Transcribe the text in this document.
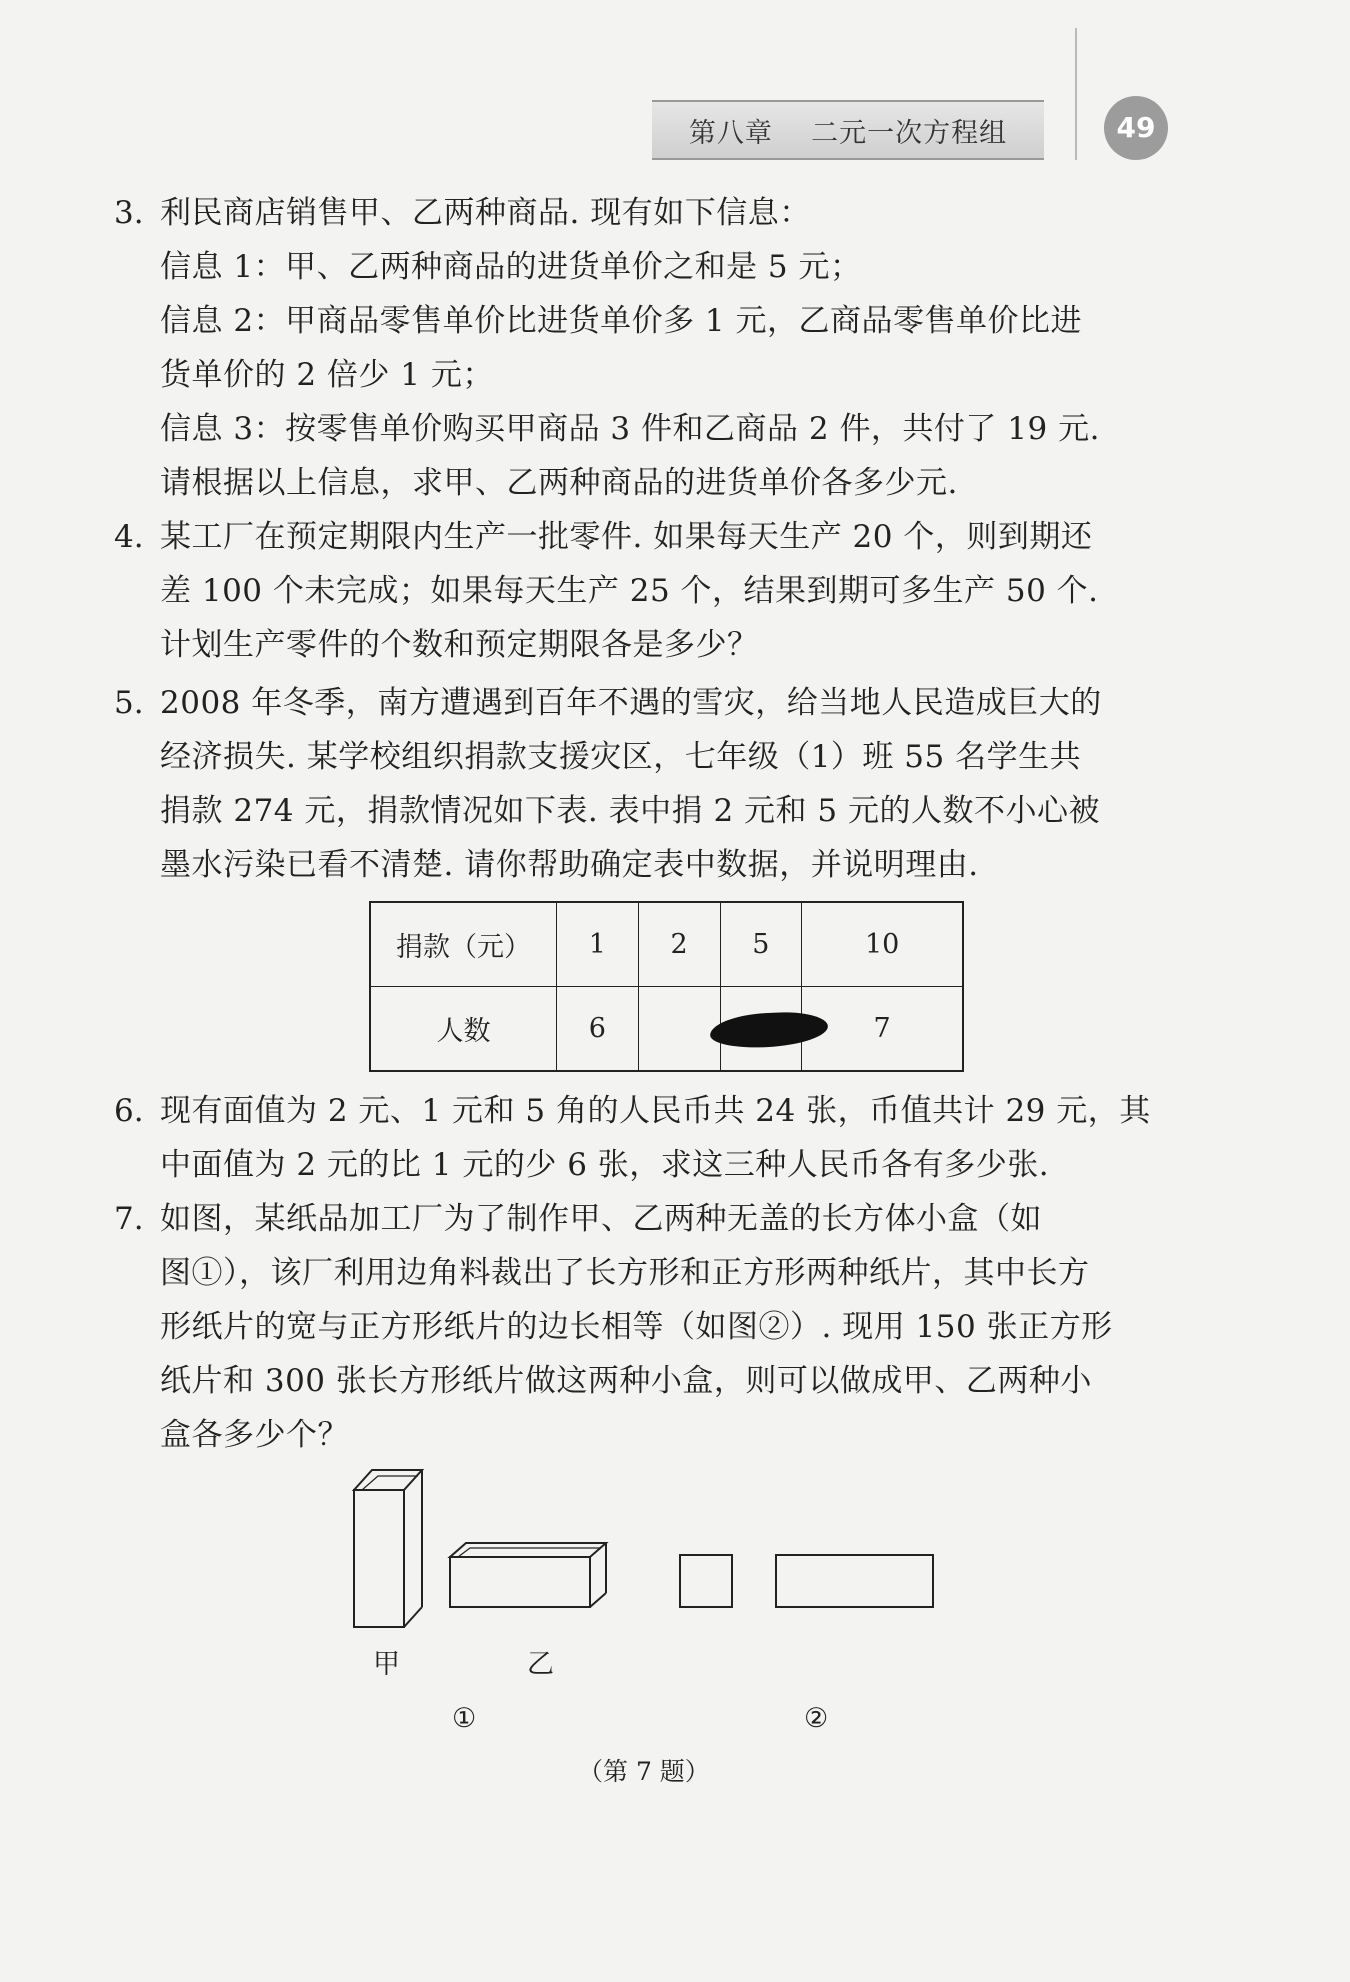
第八章    二元一次方程组	49
3. 利民商店销售甲、乙两种商品. 现有如下信息：
信息 1：甲、乙两种商品的进货单价之和是 5 元；
信息 2：甲商品零售单价比进货单价多 1 元，乙商品零售单价比进
货单价的 2 倍少 1 元；
信息 3：按零售单价购买甲商品 3 件和乙商品 2 件，共付了 19 元.
请根据以上信息，求甲、乙两种商品的进货单价各多少元.
4. 某工厂在预定期限内生产一批零件. 如果每天生产 20 个，则到期还
差 100 个未完成；如果每天生产 25 个，结果到期可多生产 50 个.
计划生产零件的个数和预定期限各是多少？
5. 2008 年冬季，南方遭遇到百年不遇的雪灾，给当地人民造成巨大的
经济损失. 某学校组织捐款支援灾区，七年级（1）班 55 名学生共
捐款 274 元，捐款情况如下表. 表中捐 2 元和 5 元的人数不小心被
墨水污染已看不清楚. 请你帮助确定表中数据，并说明理由.
捐款（元）	1	2	5	10
人数	6			7
6. 现有面值为 2 元、1 元和 5 角的人民币共 24 张，币值共计 29 元，其
中面值为 2 元的比 1 元的少 6 张，求这三种人民币各有多少张.
7. 如图，某纸品加工厂为了制作甲、乙两种无盖的长方体小盒（如
图①），该厂利用边角料裁出了长方形和正方形两种纸片，其中长方
形纸片的宽与正方形纸片的边长相等（如图②）. 现用 150 张正方形
纸片和 300 张长方形纸片做这两种小盒，则可以做成甲、乙两种小
盒各多少个？
甲	乙
①	②
（第 7 题）
